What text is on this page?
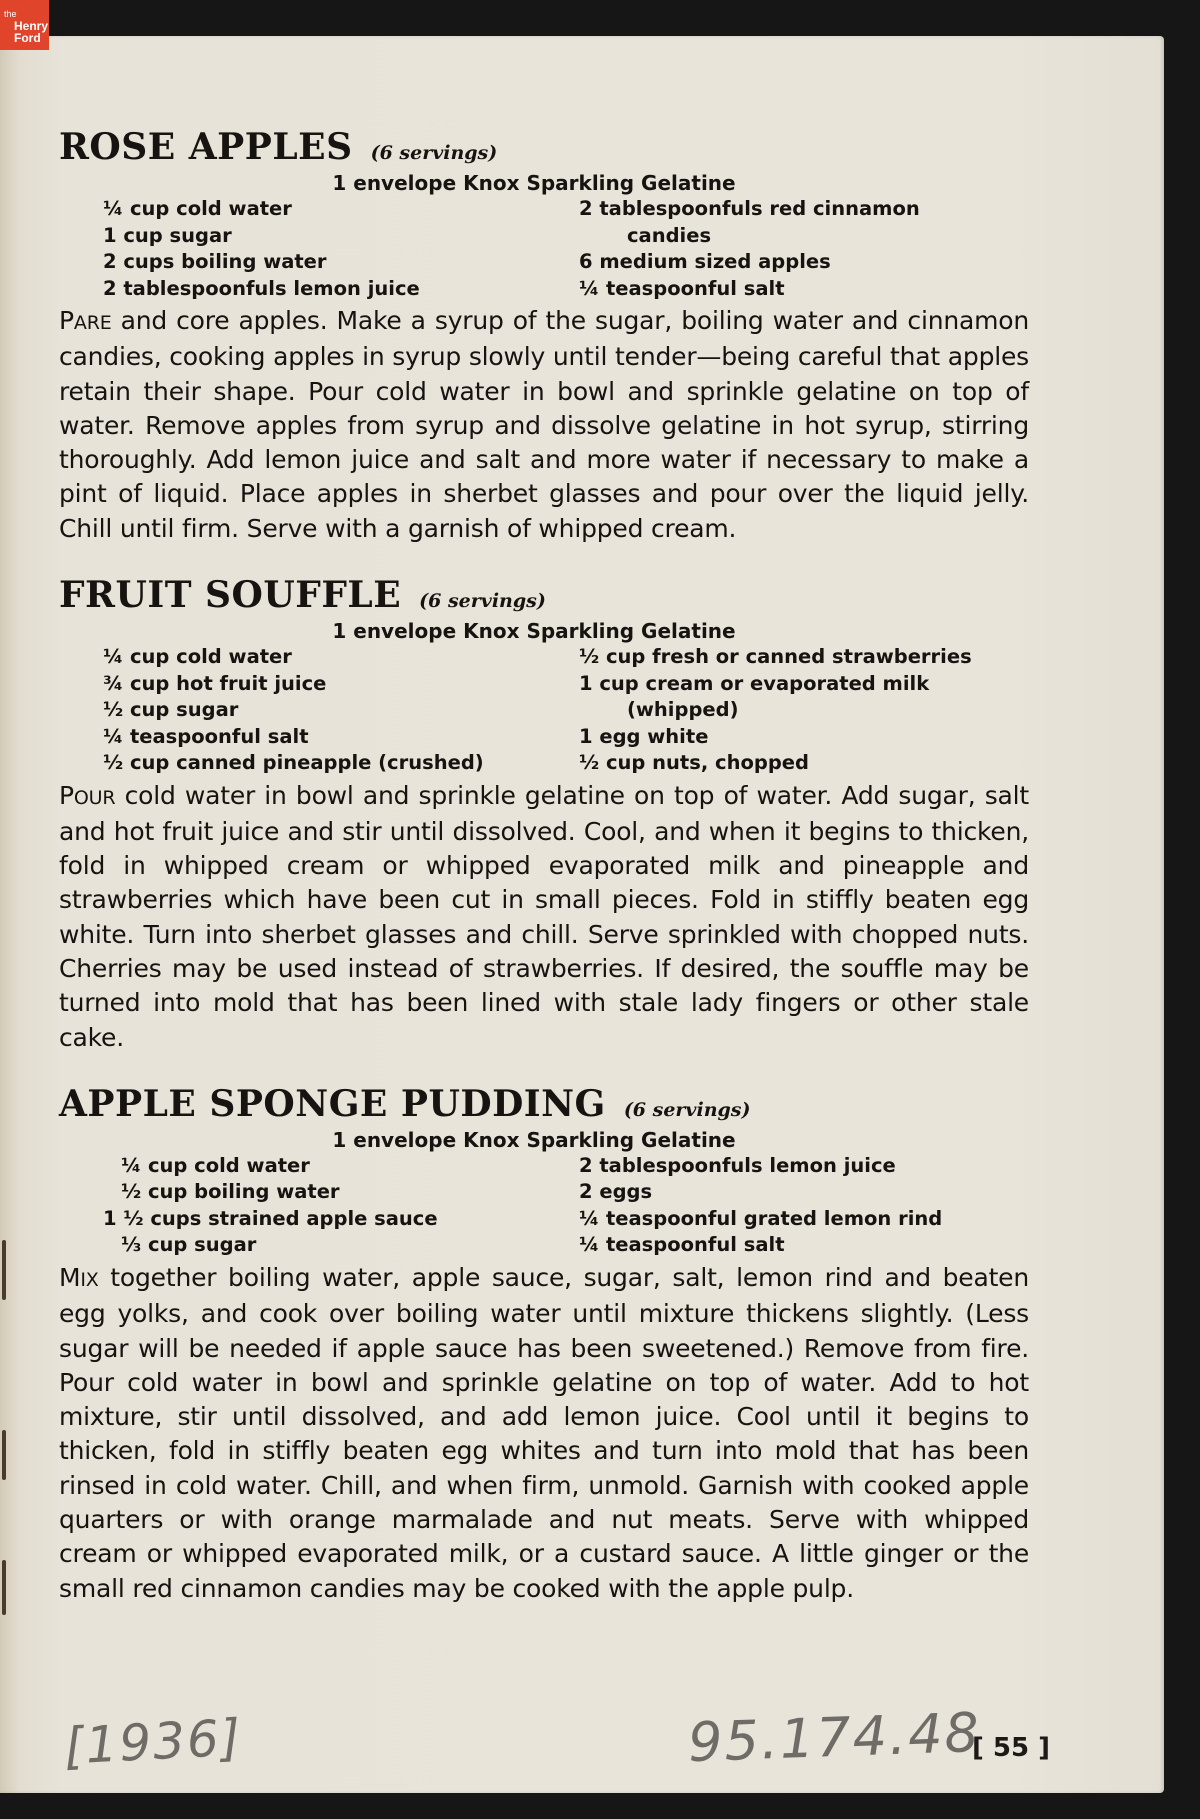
the
Henry
Ford
ROSE APPLES (6 servings)
1 envelope Knox Sparkling Gelatine
¼ cup cold water
1 cup sugar
2 cups boiling water
2 tablespoonfuls lemon juice
2 tablespoonfuls red cinnamon
candies
6 medium sized apples
¼ teaspoonful salt

PARE and core apples. Make a syrup of the sugar, boiling water and cinnamon candies, cooking apples in syrup slowly until tender—being careful that apples retain their shape. Pour cold water in bowl and sprinkle gelatine on top of water. Remove apples from syrup and dissolve gelatine in hot syrup, stirring thoroughly. Add lemon juice and salt and more water if necessary to make a pint of liquid. Place apples in sherbet glasses and pour over the liquid jelly. Chill until firm. Serve with a garnish of whipped cream.

FRUIT SOUFFLE (6 servings)
1 envelope Knox Sparkling Gelatine
¼ cup cold water
¾ cup hot fruit juice
½ cup sugar
¼ teaspoonful salt
½ cup canned pineapple (crushed)
½ cup fresh or canned strawberries
1 cup cream or evaporated milk
(whipped)
1 egg white
½ cup nuts, chopped

POUR cold water in bowl and sprinkle gelatine on top of water. Add sugar, salt and hot fruit juice and stir until dissolved. Cool, and when it begins to thicken, fold in whipped cream or whipped evaporated milk and pineapple and strawberries which have been cut in small pieces. Fold in stiffly beaten egg white. Turn into sherbet glasses and chill. Serve sprinkled with chopped nuts. Cherries may be used instead of strawberries. If desired, the souffle may be turned into mold that has been lined with stale lady fingers or other stale cake.

APPLE SPONGE PUDDING (6 servings)
1 envelope Knox Sparkling Gelatine
¼ cup cold water
½ cup boiling water
1 ½ cups strained apple sauce
⅓ cup sugar
2 tablespoonfuls lemon juice
2 eggs
¼ teaspoonful grated lemon rind
¼ teaspoonful salt

MIX together boiling water, apple sauce, sugar, salt, lemon rind and beaten egg yolks, and cook over boiling water until mixture thickens slightly. (Less sugar will be needed if apple sauce has been sweetened.) Remove from fire. Pour cold water in bowl and sprinkle gelatine on top of water. Add to hot mixture, stir until dissolved, and add lemon juice. Cool until it begins to thicken, fold in stiffly beaten egg whites and turn into mold that has been rinsed in cold water. Chill, and when firm, unmold. Garnish with cooked apple quarters or with orange marmalade and nut meats. Serve with whipped cream or whipped evaporated milk, or a custard sauce. A little ginger or the small red cinnamon candies may be cooked with the apple pulp.

[1936]	95.174.48
[ 55 ]
